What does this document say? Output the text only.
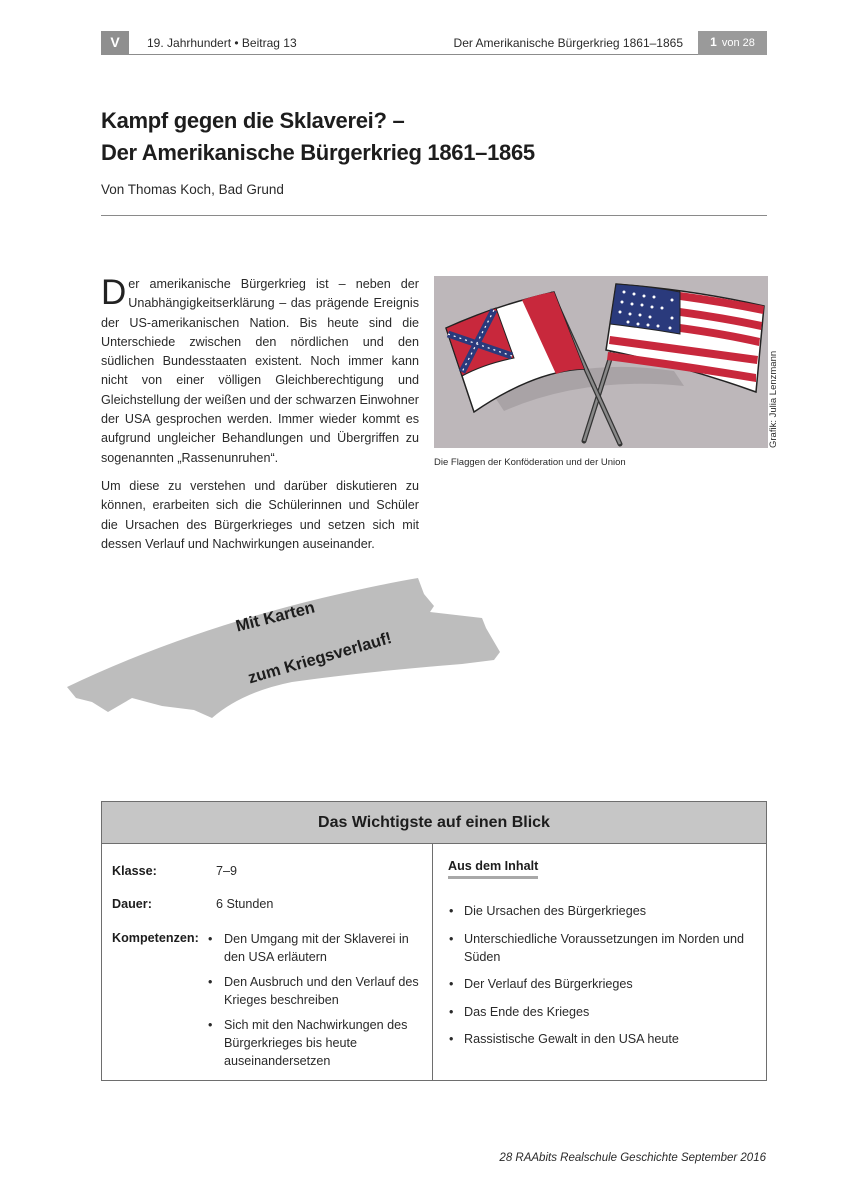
V	19. Jahrhundert • Beitrag 13	Der Amerikanische Bürgerkrieg 1861–1865	1 von 28
Kampf gegen die Sklaverei? –
Der Amerikanische Bürgerkrieg 1861–1865
Von Thomas Koch, Bad Grund

Der amerikanische Bürgerkrieg ist – neben der Unabhängigkeitserklärung – das prägende Ereignis der US-amerikanischen Nation. Bis heute sind die Unterschiede zwischen den nördlichen und den südlichen Bundesstaaten existent. Noch immer kann nicht von einer völligen Gleichberechtigung und Gleichstellung der weißen und der schwarzen Einwohner der USA gesprochen werden. Immer wieder kommt es aufgrund ungleicher Behandlungen und Übergriffen zu sogenannten „Rassenunruhen“.

Um diese zu verstehen und darüber diskutieren zu können, erarbeiten sich die Schülerinnen und Schüler die Ursachen des Bürgerkrieges und setzen sich mit dessen Verlauf und Nachwirkungen auseinander.

Die Flaggen der Konföderation und der Union
Grafik: Julia Lenzmann
Mit Karten
zum Kriegsverlauf!
Das Wichtigste auf einen Blick
Klasse:	7–9
Dauer:	6 Stunden
Kompetenzen:	• Den Umgang mit der Sklaverei in den USA erläutern
• Den Ausbruch und den Verlauf des Krieges beschreiben
• Sich mit den Nachwirkungen des Bürgerkrieges bis heute auseinandersetzen
Aus dem Inhalt
• Die Ursachen des Bürgerkrieges
• Unterschiedliche Voraussetzungen im Norden und Süden
• Der Verlauf des Bürgerkrieges
• Das Ende des Krieges
• Rassistische Gewalt in den USA heute
28 RAAbits Realschule Geschichte September 2016
